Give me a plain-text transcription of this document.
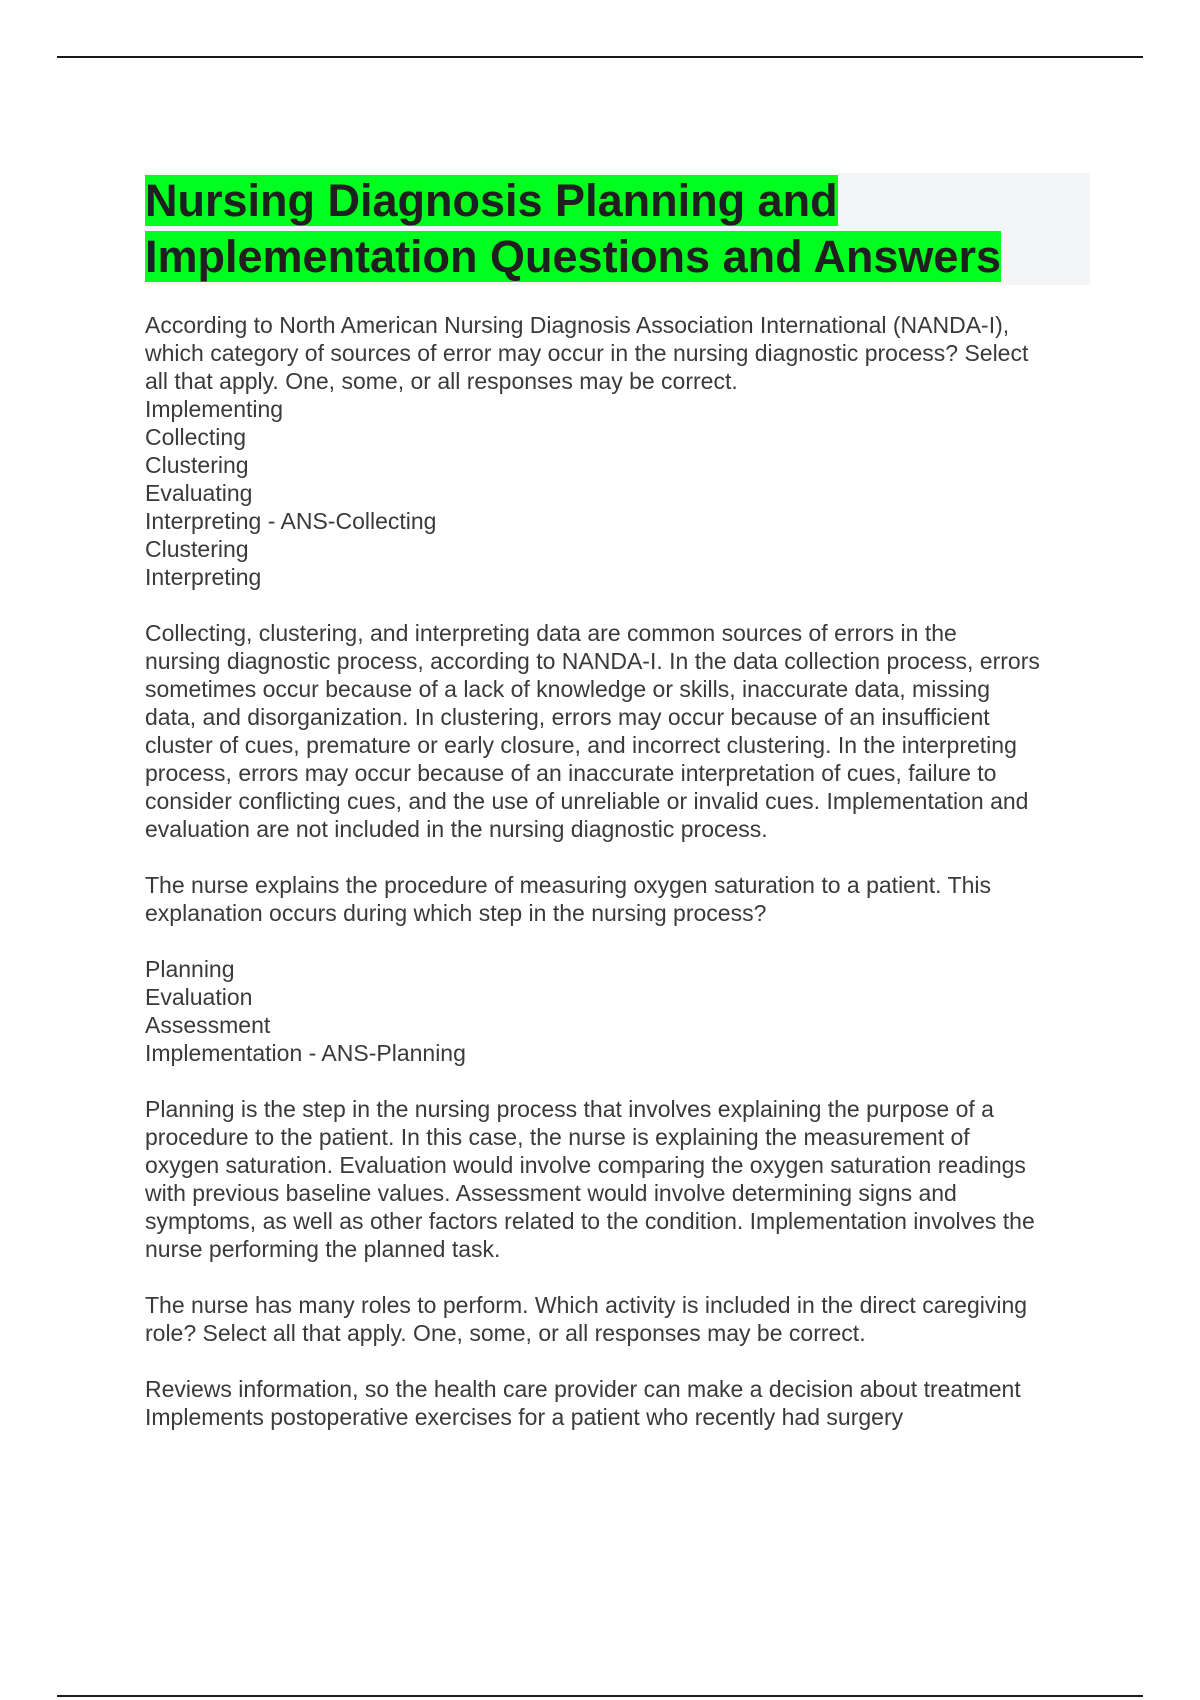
Nursing Diagnosis Planning and
Implementation Questions and Answers

According to North American Nursing Diagnosis Association International (NANDA-I),

which category of sources of error may occur in the nursing diagnostic process? Select

all that apply. One, some, or all responses may be correct.

Implementing

Collecting

Clustering

Evaluating

Interpreting - ANS-Collecting

Clustering

Interpreting

Collecting, clustering, and interpreting data are common sources of errors in the

nursing diagnostic process, according to NANDA-I. In the data collection process, errors

sometimes occur because of a lack of knowledge or skills, inaccurate data, missing

data, and disorganization. In clustering, errors may occur because of an insufficient

cluster of cues, premature or early closure, and incorrect clustering. In the interpreting

process, errors may occur because of an inaccurate interpretation of cues, failure to

consider conflicting cues, and the use of unreliable or invalid cues. Implementation and

evaluation are not included in the nursing diagnostic process.

The nurse explains the procedure of measuring oxygen saturation to a patient. This

explanation occurs during which step in the nursing process?

Planning

Evaluation

Assessment

Implementation - ANS-Planning

Planning is the step in the nursing process that involves explaining the purpose of a

procedure to the patient. In this case, the nurse is explaining the measurement of

oxygen saturation. Evaluation would involve comparing the oxygen saturation readings

with previous baseline values. Assessment would involve determining signs and

symptoms, as well as other factors related to the condition. Implementation involves the

nurse performing the planned task.

The nurse has many roles to perform. Which activity is included in the direct caregiving

role? Select all that apply. One, some, or all responses may be correct.

Reviews information, so the health care provider can make a decision about treatment

Implements postoperative exercises for a patient who recently had surgery
